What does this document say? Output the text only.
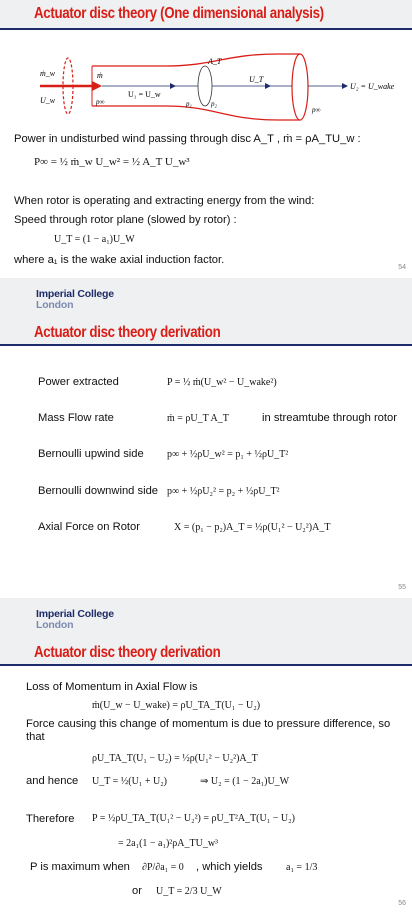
Actuator disc theory (One dimensional analysis)
ṁ_w
U_w
ṁ
U₁ = U_w
p∞
A_T
U_T
p₁	p₂
U₂ = U_wake
p∞
Power in undisturbed wind passing through disc A_T , ṁ = ρA_TU_w :
P∞ = ½ ṁ_w U_w² = ½ A_T U_w³
When rotor is operating and extracting energy from the wind:
Speed through rotor plane (slowed by rotor) :
U_T = (1 − a₁)U_W
where a₁ is the wake axial induction factor.
54
Imperial College
London
Actuator disc theory derivation
Power extracted	P = ½ ṁ(U_w² − U_wake²)
Mass Flow rate	ṁ = ρU_T A_T	in streamtube through rotor
Bernoulli upwind side p∞ + ½ρU_w² = p₁ + ½ρU_T²
Bernoulli downwind side p∞ + ½ρU₂² = p₂ + ½ρU_T²
Axial Force on Rotor	X = (p₁ − p₂)A_T = ½ρ(U₁² − U₂²)A_T
55
Imperial College
London
Actuator disc theory derivation
Loss of Momentum in Axial Flow is
ṁ(U_w − U_wake) = ρU_TA_T(U₁ − U₂)
Force causing this change of momentum is due to pressure difference, so
that
ρU_TA_T(U₁ − U₂) = ½ρ(U₁² − U₂²)A_T
and hence U_T = ½(U₁ + U₂)	⇒ U₂ = (1 − 2a₁)U_W
Therefore P = ½ρU_TA_T(U₁² − U₂²) = ρU_T²A_T(U₁ − U₂)
= 2a₁(1 − a₁)²ρA_TU_w³
P is maximum when ∂P/∂a₁ = 0 , which yields a₁ = 1/3
or U_T = 2/3 U_W
56
